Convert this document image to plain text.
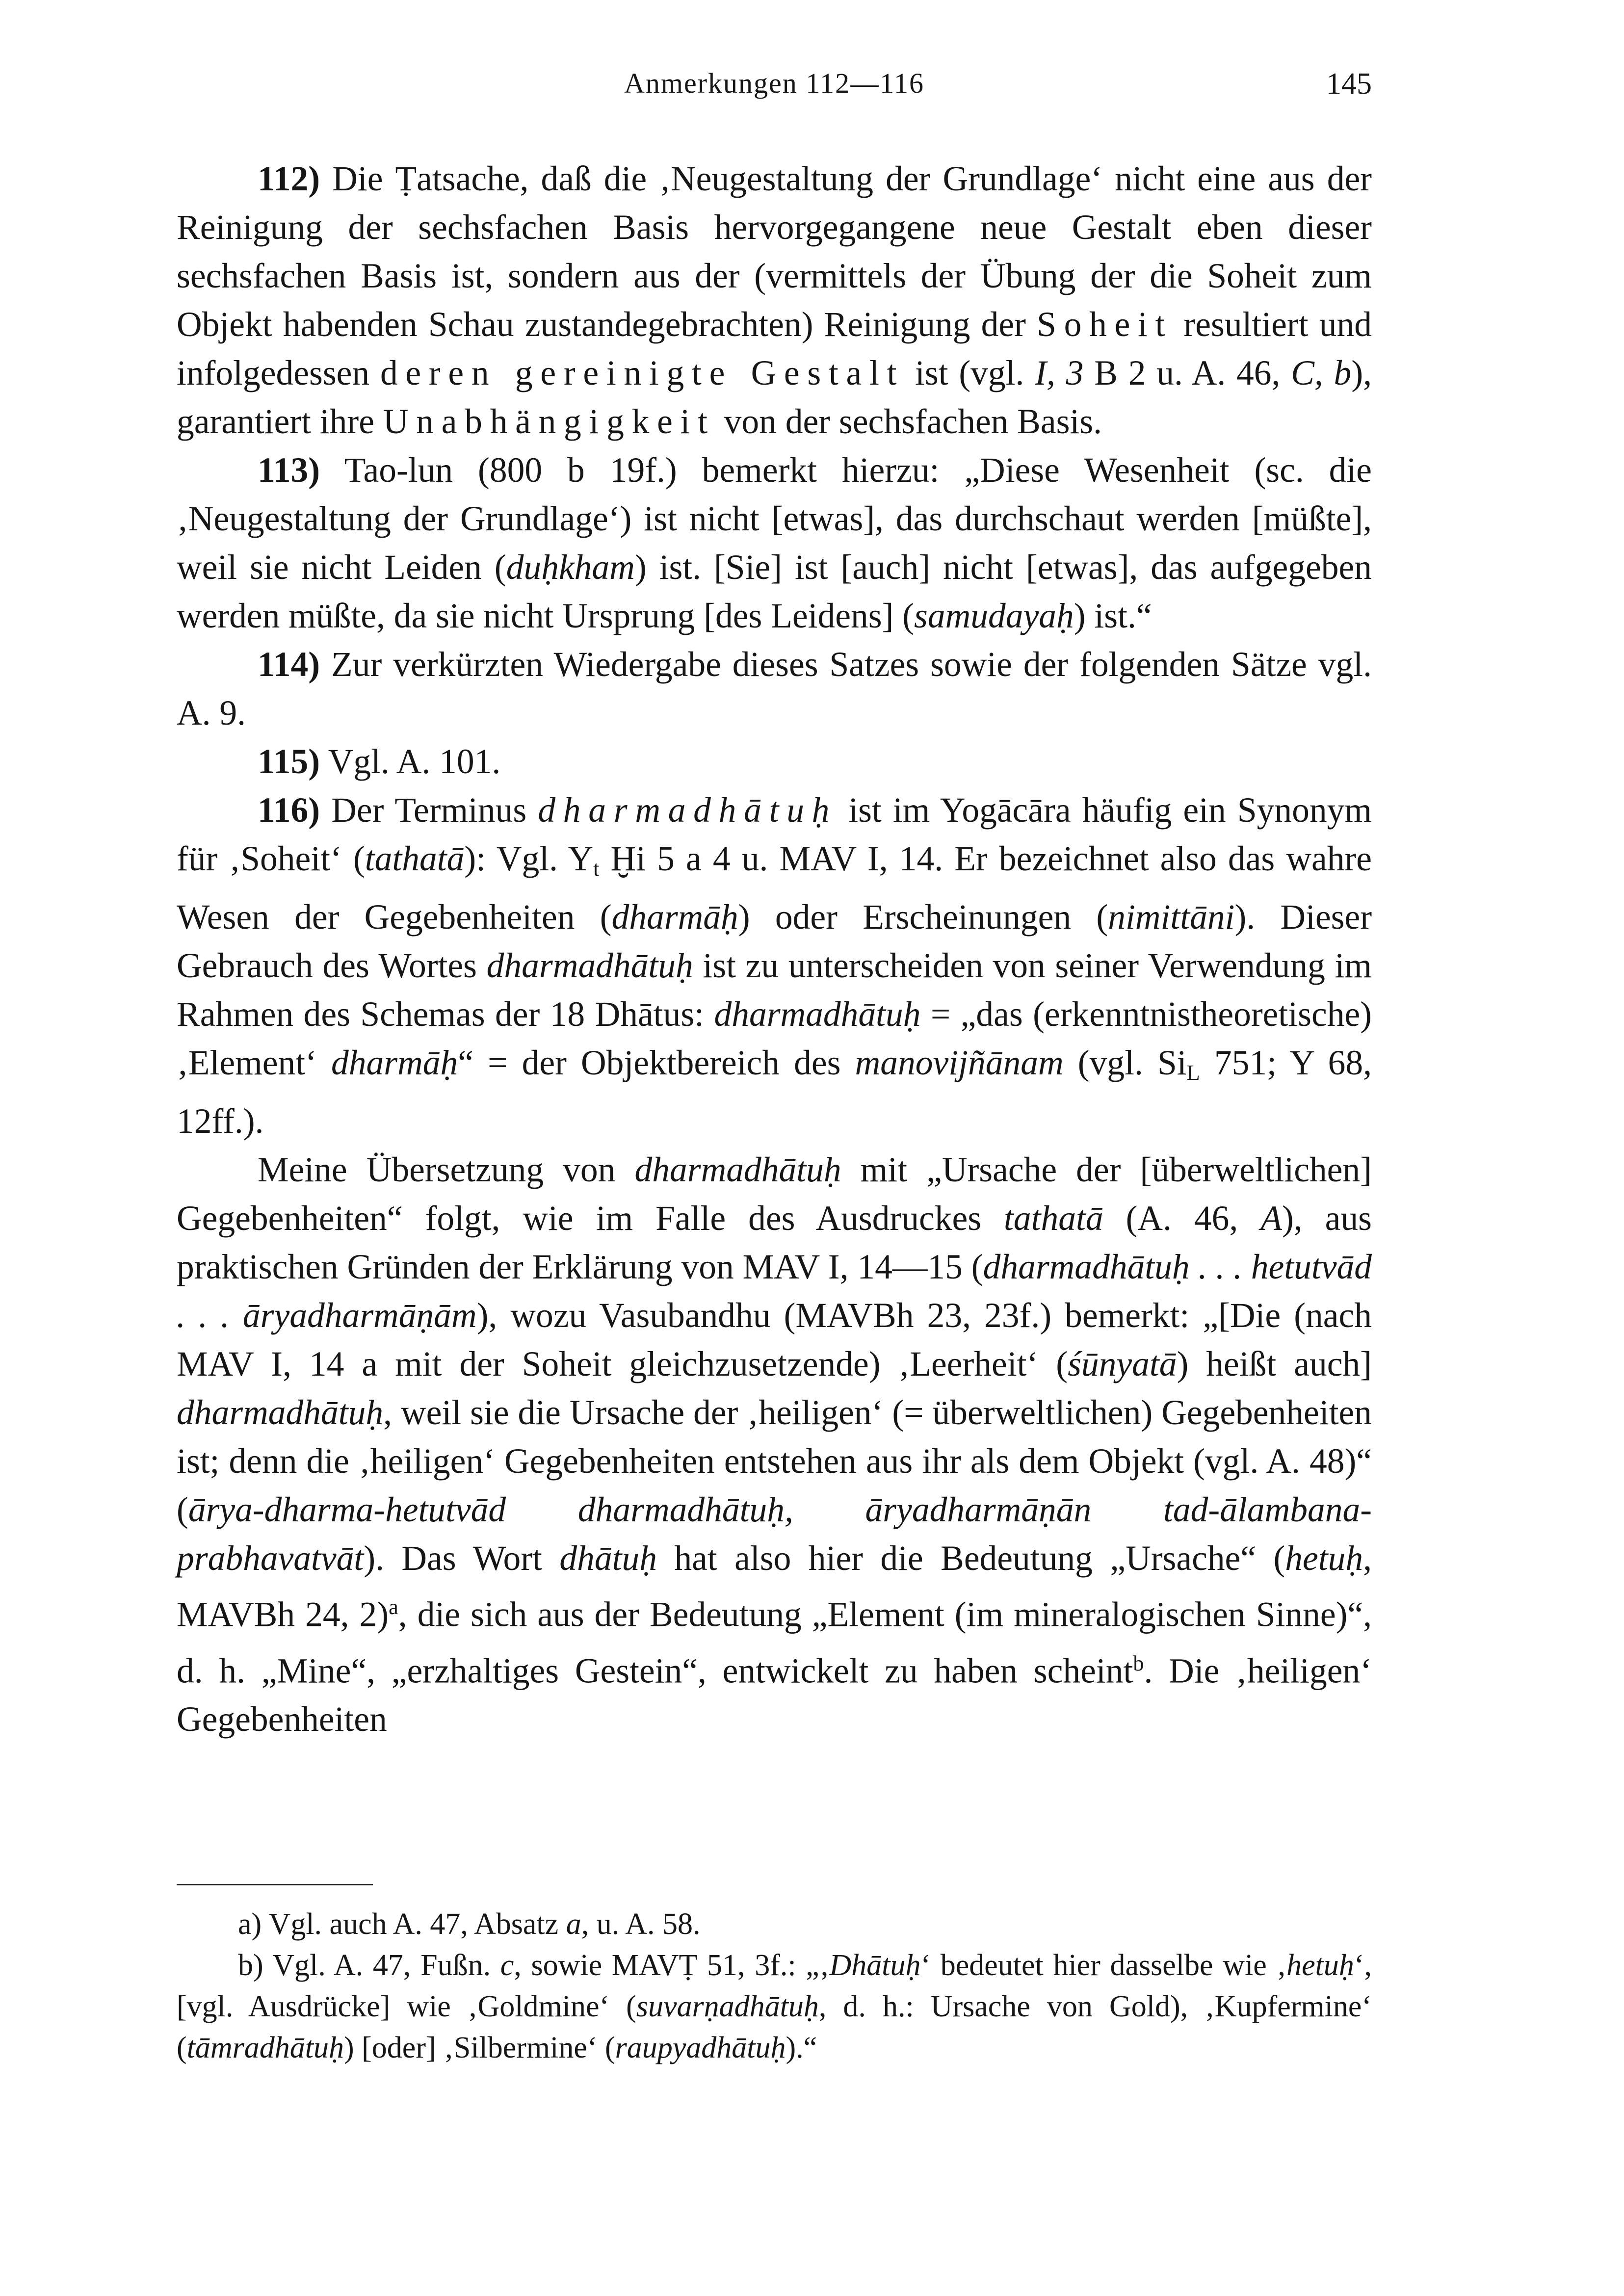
Anmerkungen 112—116	145

112) Die Ṭatsache, daß die ‚Neugestaltung der Grundlage‘ nicht eine aus der Reinigung der sechsfachen Basis hervorgegangene neue Gestalt eben dieser sechsfachen Basis ist, sondern aus der (vermittels der Übung der die Soheit zum Objekt habenden Schau zustandegebrachten) Reinigung der Soheit resultiert und infolgedessen deren gereinigte Gestalt ist (vgl. I, 3 B 2 u. A. 46, C, b), garantiert ihre Unabhängigkeit von der sechsfachen Basis.

113) Tao-lun (800 b 19f.) bemerkt hierzu: „Diese Wesenheit (sc. die ‚Neugestaltung der Grundlage‘) ist nicht [etwas], das durchschaut werden [müßte], weil sie nicht Leiden (duḥkham) ist. [Sie] ist [auch] nicht [etwas], das aufgegeben werden müßte, da sie nicht Ursprung [des Leidens] (samudayaḥ) ist.“

114) Zur verkürzten Wiedergabe dieses Satzes sowie der folgenden Sätze vgl. A. 9.

115) Vgl. A. 101.

116) Der Terminus dharmadhātuḥ ist im Yogācāra häufig ein Synonym für ‚Soheit‘ (tathatā): Vgl. $Y_t$ Ḫi 5 a 4 u. MAV I, 14. Er bezeichnet also das wahre Wesen der Gegebenheiten (dharmāḥ) oder Erscheinungen (nimittāni). Dieser Gebrauch des Wortes dharmadhātuḥ ist zu unterscheiden von seiner Verwendung im Rahmen des Schemas der 18 Dhātus: dharmadhātuḥ = „das (erkenntnistheoretische) ‚Element‘ dharmāḥ“ = der Objektbereich des manovijñānam (vgl. $Si_L$ 751; Y 68, 12ff.).

Meine Übersetzung von dharmadhātuḥ mit „Ursache der [überweltlichen] Gegebenheiten“ folgt, wie im Falle des Ausdruckes tathatā (A. 46, A), aus praktischen Gründen der Erklärung von MAV I, 14—15 (dharmadhātuḥ . . . hetutvād . . . āryadharmāṇām), wozu Vasubandhu (MAVBh 23, 23f.) bemerkt: „[Die (nach MAV I, 14 a mit der Soheit gleichzusetzende) ‚Leerheit‘ (śūnyatā) heißt auch] dharmadhātuḥ, weil sie die Ursache der ‚heiligen‘ (= überweltlichen) Gegebenheiten ist; denn die ‚heiligen‘ Gegebenheiten entstehen aus ihr als dem Objekt (vgl. A. 48)“ (ārya-dharma-hetutvād dharmadhātuḥ, āryadharmāṇān tad-ālambana-prabhavatvāt). Das Wort dhātuḥ hat also hier die Bedeutung „Ursache“ (hetuḥ, MAVBh 24, 2)$^a$, die sich aus der Bedeutung „Element (im mineralogischen Sinne)“, d. h. „Mine“, „erzhaltiges Gestein“, entwickelt zu haben scheint$^b$. Die ‚heiligen‘ Gegebenheiten

a) Vgl. auch A. 47, Absatz a, u. A. 58.

b) Vgl. A. 47, Fußn. c, sowie MAVṬ 51, 3f.: „‚Dhātuḥ‘ bedeutet hier dasselbe wie ‚hetuḥ‘, [vgl. Ausdrücke] wie ‚Goldmine‘ (suvarṇadhātuḥ, d. h.: Ursache von Gold), ‚Kupfermine‘ (tāmradhātuḥ) [oder] ‚Silbermine‘ (raupyadhātuḥ).“
